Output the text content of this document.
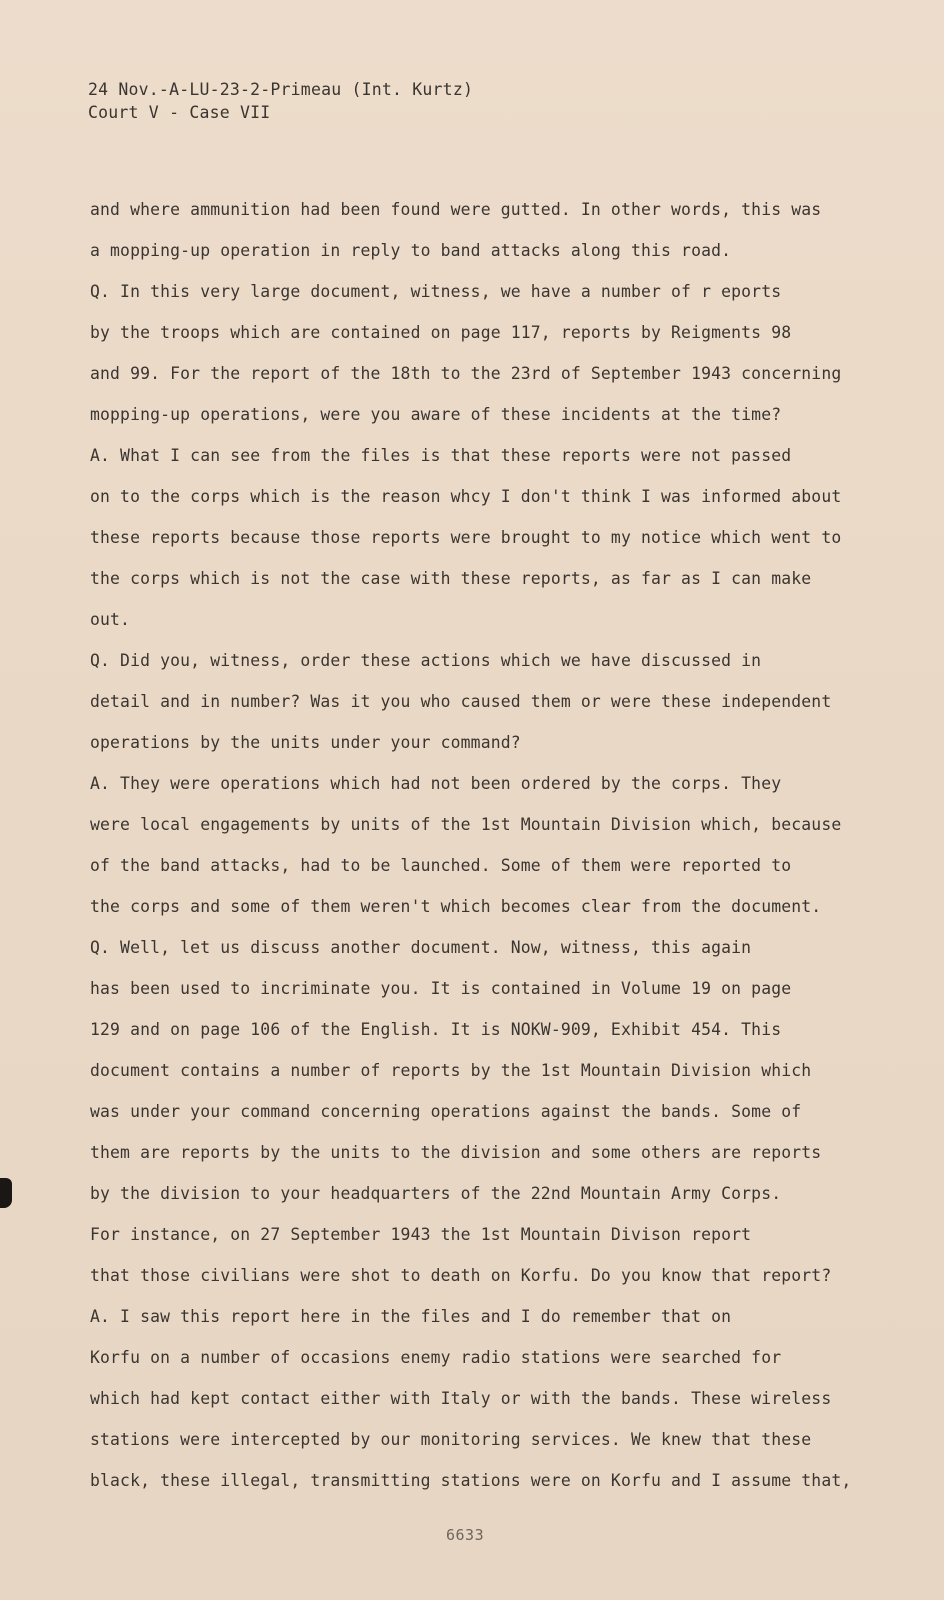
24 Nov.-A-LU-23-2-Primeau (Int. Kurtz)
Court V - Case VII
and where ammunition had been found were gutted. In other words, this was
a mopping-up operation in reply to band attacks along this road.
Q. In this very large document, witness, we have a number of r eports
by the troops which are contained on page 117, reports by Reigments 98
and 99. For the report of the 18th to the 23rd of September 1943 concerning
mopping-up operations, were you aware of these incidents at the time?
A. What I can see from the files is that these reports were not passed
on to the corps which is the reason whcy I don't think I was informed about
these reports because those reports were brought to my notice which went to
the corps which is not the case with these reports, as far as I can make
out.
Q. Did you, witness, order these actions which we have discussed in
detail and in number? Was it you who caused them or were these independent
operations by the units under your command?
A. They were operations which had not been ordered by the corps. They
were local engagements by units of the 1st Mountain Division which, because
of the band attacks, had to be launched. Some of them were reported to
the corps and some of them weren't which becomes clear from the document.
Q. Well, let us discuss another document. Now, witness, this again
has been used to incriminate you. It is contained in Volume 19 on page
129 and on page 106 of the English. It is NOKW-909, Exhibit 454. This
document contains a number of reports by the 1st Mountain Division which
was under your command concerning operations against the bands. Some of
them are reports by the units to the division and some others are reports
by the division to your headquarters of the 22nd Mountain Army Corps.
For instance, on 27 September 1943 the 1st Mountain Divison report
that those civilians were shot to death on Korfu. Do you know that report?
A. I saw this report here in the files and I do remember that on
Korfu on a number of occasions enemy radio stations were searched for
which had kept contact either with Italy or with the bands. These wireless
stations were intercepted by our monitoring services. We knew that these
black, these illegal, transmitting stations were on Korfu and I assume that,
6633
